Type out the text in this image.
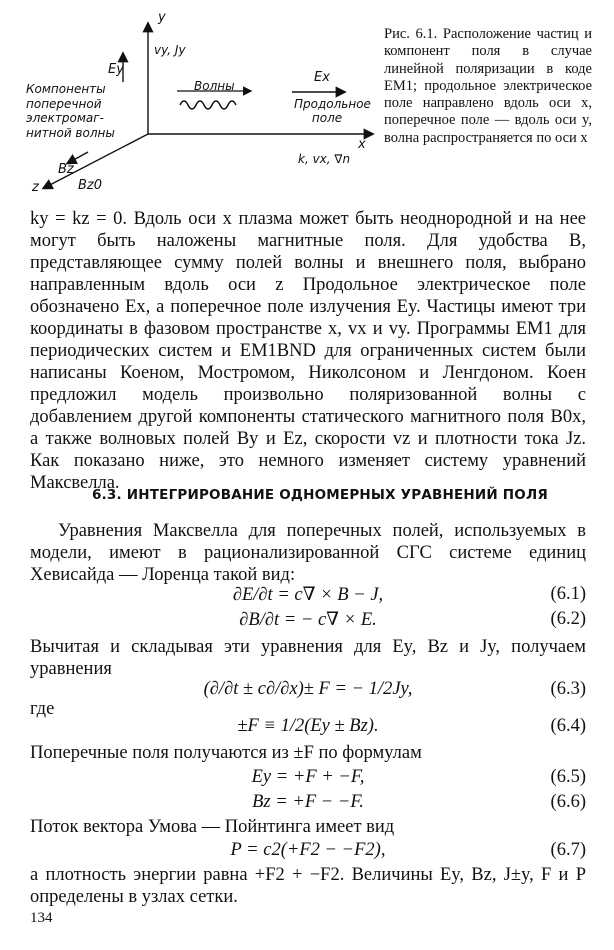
y
vy, Jy
Ey
Компоненты поперечной электромаг- нитной волны
Волны
Ex
Продольное поле
x
k, vx, ∇n
Bz
Bz0
z
Рис. 6.1. Расположение частиц и компонент поля в случае линейной поляризации в коде EM1; продольное электрическое поле направлено вдоль оси x, поперечное поле — вдоль оси y, волна распространяется по оси x

ky = kz = 0. Вдоль оси x плазма может быть неоднородной и на нее могут быть наложены магнитные поля. Для удобства B, представляющее сумму полей волны и внешнего поля, выбрано направленным вдоль оси z Продольное электрическое поле обозначено Ex, а поперечное поле излучения Ey. Частицы имеют три координаты в фазовом пространстве x, vx и vy. Программы EM1 для периодических систем и EM1BND для ограниченных систем были написаны Коеном, Мостромом, Николсоном и Ленгдоном. Коен предложил модель произвольно поляризованной волны с добавлением другой компоненты статического магнитного поля B0x, а также волновых полей By и Ez, скорости vz и плотности тока Jz. Как показано ниже, это немного изменяет систему уравнений Максвелла.

6.3. ИНТЕГРИРОВАНИЕ ОДНОМЕРНЫХ УРАВНЕНИЙ ПОЛЯ

Уравнения Максвелла для поперечных полей, используемых в модели, имеют в рационализированной СГС системе единиц Хевисайда — Лоренца такой вид:

∂E/∂t = c∇ × B − J,	(6.1)
∂B/∂t = − c∇ × E.	(6.2)

Вычитая и складывая эти уравнения для Ey, Bz и Jy, получаем уравнения

(∂/∂t ± c∂/∂x)± F = − 1/2Jy,	(6.3)
где
±F ≡ 1/2(Ey ± Bz).	(6.4)

Поперечные поля получаются из ±F по формулам

Ey = +F + −F,	(6.5)
Bz = +F − −F.	(6.6)

Поток вектора Умова — Пойнтинга имеет вид

P = c2(+F2 − −F2),	(6.7)

а плотность энергии равна +F2 + −F2. Величины Ey, Bz, J±y, F и P определены в узлах сетки.

134
